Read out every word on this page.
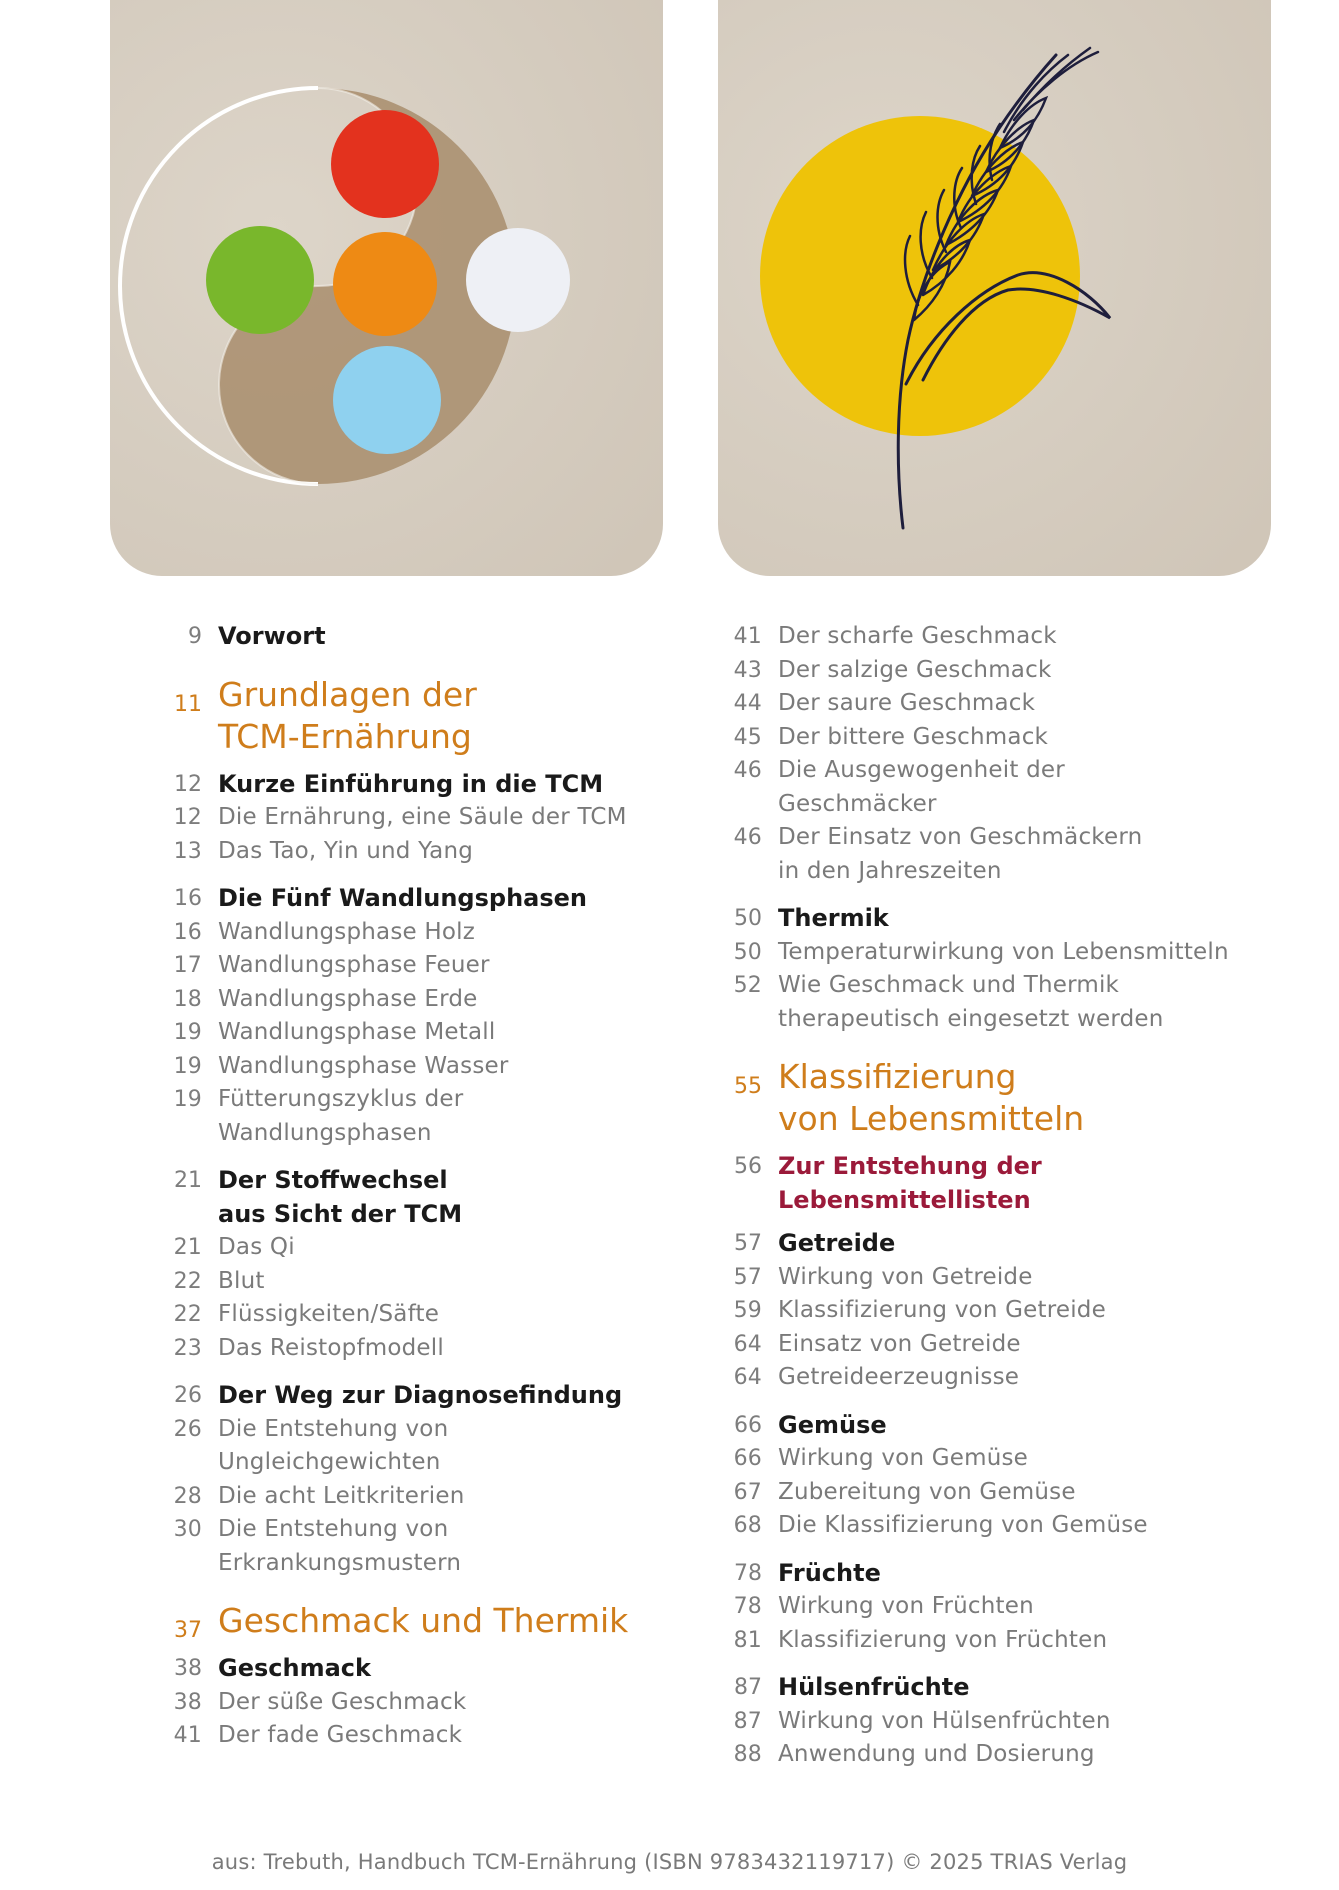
9 Vorwort
11 Grundlagen der
TCM-Ernährung
12 Kurze Einführung in die TCM
12 Die Ernährung, eine Säule der TCM
13 Das Tao, Yin und Yang
16 Die Fünf Wandlungsphasen
16 Wandlungsphase Holz
17 Wandlungsphase Feuer
18 Wandlungsphase Erde
19 Wandlungsphase Metall
19 Wandlungsphase Wasser
19 Fütterungszyklus der
Wandlungsphasen
21 Der Stoffwechsel
aus Sicht der TCM
21 Das Qi
22 Blut
22 Flüssigkeiten/Säfte
23 Das Reistopfmodell
26 Der Weg zur Diagnosefindung
26 Die Entstehung von
Ungleichgewichten
28 Die acht Leitkriterien
30 Die Entstehung von
Erkrankungsmustern
37 Geschmack und Thermik
38 Geschmack
38 Der süße Geschmack
41 Der fade Geschmack
41 Der scharfe Geschmack
43 Der salzige Geschmack
44 Der saure Geschmack
45 Der bittere Geschmack
46 Die Ausgewogenheit der
Geschmäcker
46 Der Einsatz von Geschmäckern
in den Jahreszeiten
50 Thermik
50 Temperaturwirkung von Lebensmitteln
52 Wie Geschmack und Thermik
therapeutisch eingesetzt werden
55 Klassifizierung
von Lebensmitteln
56 Zur Entstehung der
Lebensmittellisten
57 Getreide
57 Wirkung von Getreide
59 Klassifizierung von Getreide
64 Einsatz von Getreide
64 Getreideerzeugnisse
66 Gemüse
66 Wirkung von Gemüse
67 Zubereitung von Gemüse
68 Die Klassifizierung von Gemüse
78 Früchte
78 Wirkung von Früchten
81 Klassifizierung von Früchten
87 Hülsenfrüchte
87 Wirkung von Hülsenfrüchten
88 Anwendung und Dosierung
aus: Trebuth, Handbuch TCM-Ernährung (ISBN 9783432119717) © 2025 TRIAS Verlag
